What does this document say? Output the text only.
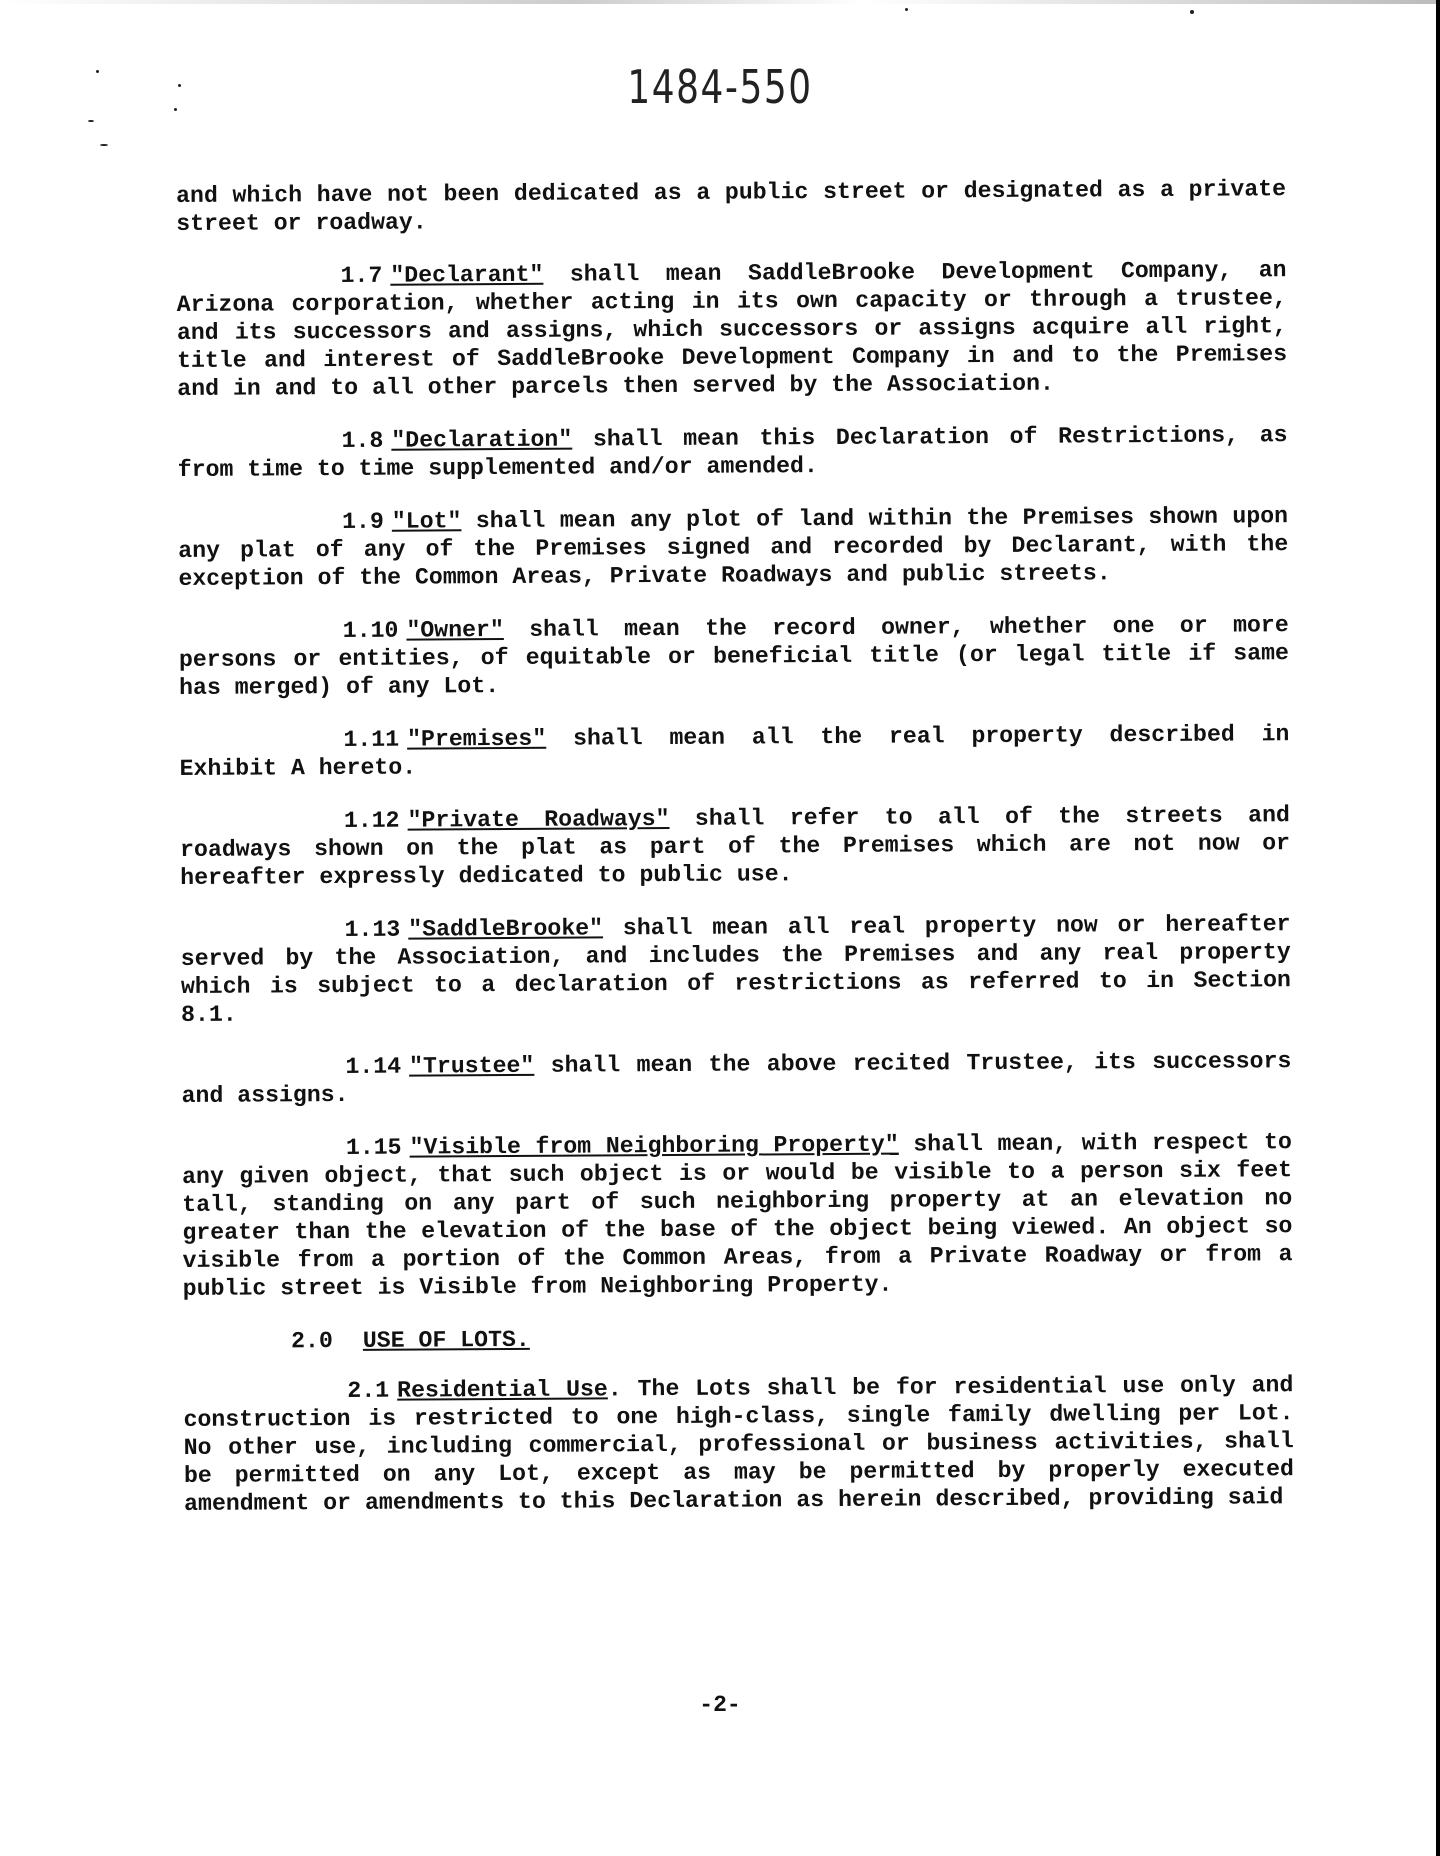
1484-550

and which have not been dedicated as a public street or designated as a private street or roadway.

1.7 "Declarant" shall mean SaddleBrooke Development Company, an Arizona corporation, whether acting in its own capacity or through a trustee, and its successors and assigns, which successors or assigns acquire all right, title and interest of SaddleBrooke Development Company in and to the Premises and in and to all other parcels then served by the Association.

1.8 "Declaration" shall mean this Declaration of Restrictions, as from time to time supplemented and/or amended.

1.9 "Lot" shall mean any plot of land within the Premises shown upon any plat of any of the Premises signed and recorded by Declarant, with the exception of the Common Areas, Private Roadways and public streets.

1.10 "Owner" shall mean the record owner, whether one or more persons or entities, of equitable or beneficial title (or legal title if same has merged) of any Lot.

1.11 "Premises" shall mean all the real property described in Exhibit A hereto.

1.12 "Private Roadways" shall refer to all of the streets and roadways shown on the plat as part of the Premises which are not now or hereafter expressly dedicated to public use.

1.13 "SaddleBrooke" shall mean all real property now or hereafter served by the Association, and includes the Premises and any real property which is subject to a declaration of restrictions as referred to in Section 8.1.

1.14 "Trustee" shall mean the above recited Trustee, its successors and assigns.

1.15 "Visible from Neighboring Property" shall mean, with respect to any given object, that such object is or would be visible to a person six feet tall, standing on any part of such neighboring property at an elevation no greater than the elevation of the base of the object being viewed. An object so visible from a portion of the Common Areas, from a Private Roadway or from a public street is Visible from Neighboring Property.

2.0 USE OF LOTS.

2.1 Residential Use. The Lots shall be for residential use only and construction is restricted to one high-class, single family dwelling per Lot. No other use, including commercial, professional or business activities, shall be permitted on any Lot, except as may be permitted by properly executed amendment or amendments to this Declaration as herein described, providing said

-2-
